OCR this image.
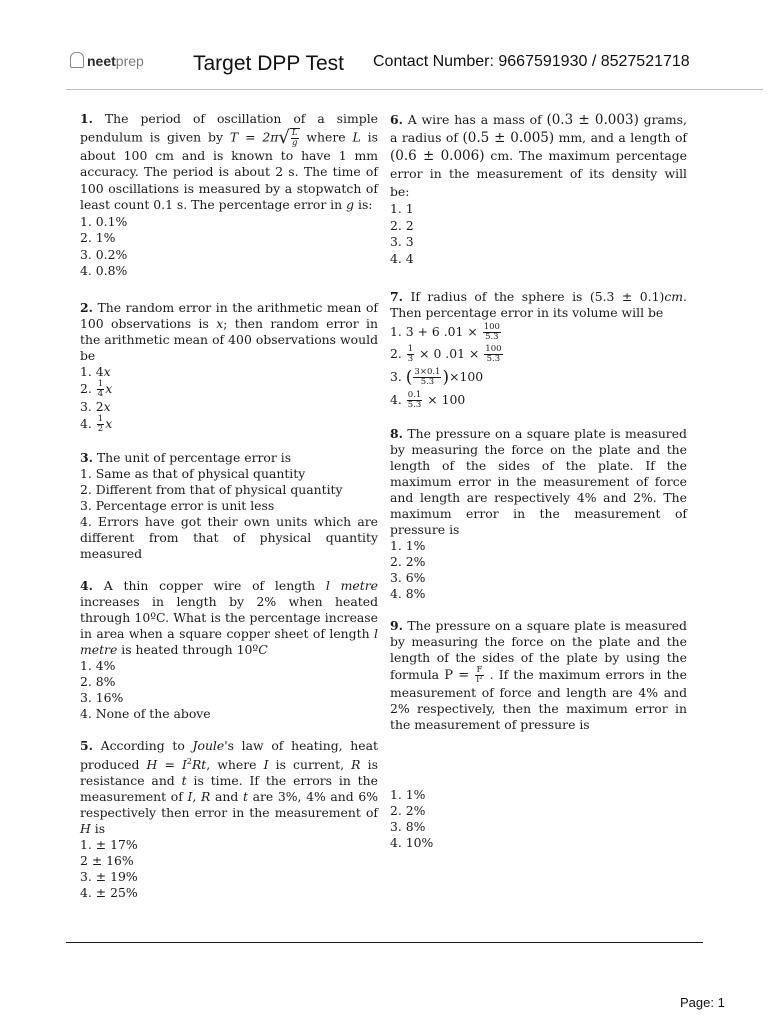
neetprep Target DPP Test Contact Number: 9667591930 / 8527521718
1. The period of oscillation of a simple pendulum is given by $T = 2\pi√ \frac{L}{g}$ where L is about 100 cm and is known to have 1 mm accuracy. The period is about 2 s. The time of 100 oscillations is measured by a stopwatch of least count 0.1 s. The percentage error in g is:
1. 0.1%
2. 1%
3. 0.2%
4. 0.8%
2. The random error in the arithmetic mean of 100 observations is x; then random error in the arithmetic mean of 400 observations would be
1. 4x
2. $\frac{1}{4}$ x
3. 2x
4. $\frac{1}{2}$ x
3. The unit of percentage error is
1. Same as that of physical quantity
2. Different from that of physical quantity
3. Percentage error is unit less
4. Errors have got their own units which are different from that of physical quantity measured
4. A thin copper wire of length l metre increases in length by 2% when heated through 10ºC. What is the percentage increase in area when a square copper sheet of length l metre is heated through 10ºC
1. 4%
2. 8%
3. 16%
4. None of the above
5. According to Joule's law of heating, heat produced $H = I^2Rt$, where I is current, R is resistance and t is time. If the errors in the measurement of I, R and t are 3%, 4% and 6% respectively then error in the measurement of H is
1. ± 17%
2 ± 16%
3. ± 19%
4. ± 25%
6. A wire has a mass of (0.3 ± 0.003) grams, a radius of (0.5 ± 0.005) mm, and a length of (0.6 ± 0.006) cm. The maximum percentage error in the measurement of its density will be:
1. 1
2. 2
3. 3
4. 4
7. If radius of the sphere is (5.3 ± 0.1)cm. Then percentage error in its volume will be
1. 3 + 6 $.01 \times \frac{100}{5.3}$
2. $\frac{1}{3} \times 0$ $.01 \times \frac{100}{5.3}$
3. ( $\frac{3\times 0.1}{5.3} )\times 100$
4. $\frac{0.1}{5.3} \times 100$
8. The pressure on a square plate is measured by measuring the force on the plate and the length of the sides of the plate. If the maximum error in the measurement of force and length are respectively 4% and 2%. The maximum error in the measurement of pressure is
1. 1%
2. 2%
3. 6%
4. 8%
9. The pressure on a square plate is measured by measuring the force on the plate and the length of the sides of the plate by using the formula $P = \frac{F}{\text{l²}}$ . If the maximum errors in the measurement of force and length are 4% and 2% respectively, then the maximum error in the measurement of pressure is
1. 1%
2. 2%
3. 8%
4. 10%
Page: 1
